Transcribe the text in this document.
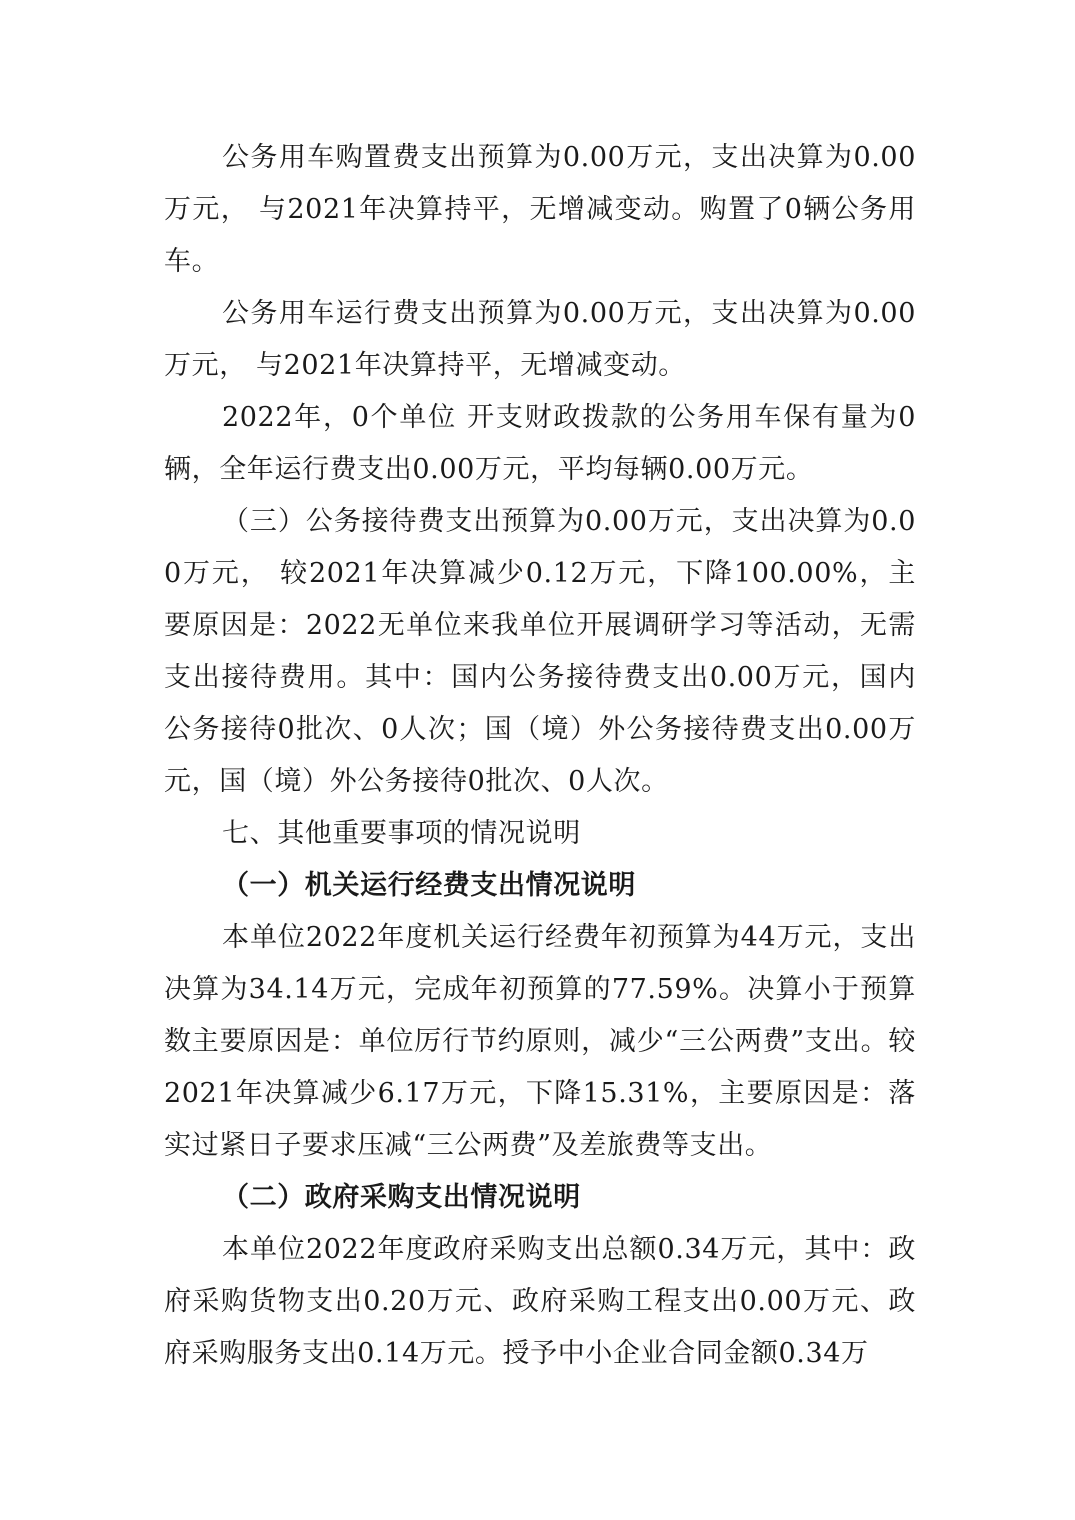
公务用车购置费支出预算为0.00万元，支出决算为0.00万元， 与2021年决算持平，无增减变动。购置了0辆公务用车。

公务用车运行费支出预算为0.00万元，支出决算为0.00万元， 与2021年决算持平，无增减变动。

2022年，0个单位 开支财政拨款的公务用车保有量为0辆，全年运行费支出0.00万元，平均每辆0.00万元。

（三）公务接待费支出预算为0.00万元，支出决算为0.00万元， 较2021年决算减少0.12万元，下降100.00%，主要原因是：2022无单位来我单位开展调研学习等活动，无需支出接待费用。其中：国内公务接待费支出0.00万元，国内公务接待0批次、0人次；国（境）外公务接待费支出0.00万元，国（境）外公务接待0批次、0人次。

七、其他重要事项的情况说明
（一）机关运行经费支出情况说明

本单位2022年度机关运行经费年初预算为44万元，支出决算为34.14万元，完成年初预算的77.59%。决算小于预算数主要原因是：单位厉行节约原则，减少“三公两费”支出。较2021年决算减少6.17万元，下降15.31%，主要原因是：落实过紧日子要求压减“三公两费”及差旅费等支出。

（二）政府采购支出情况说明

本单位2022年度政府采购支出总额0.34万元，其中：政府采购货物支出0.20万元、政府采购工程支出0.00万元、政府采购服务支出0.14万元。授予中小企业合同金额0.34万
